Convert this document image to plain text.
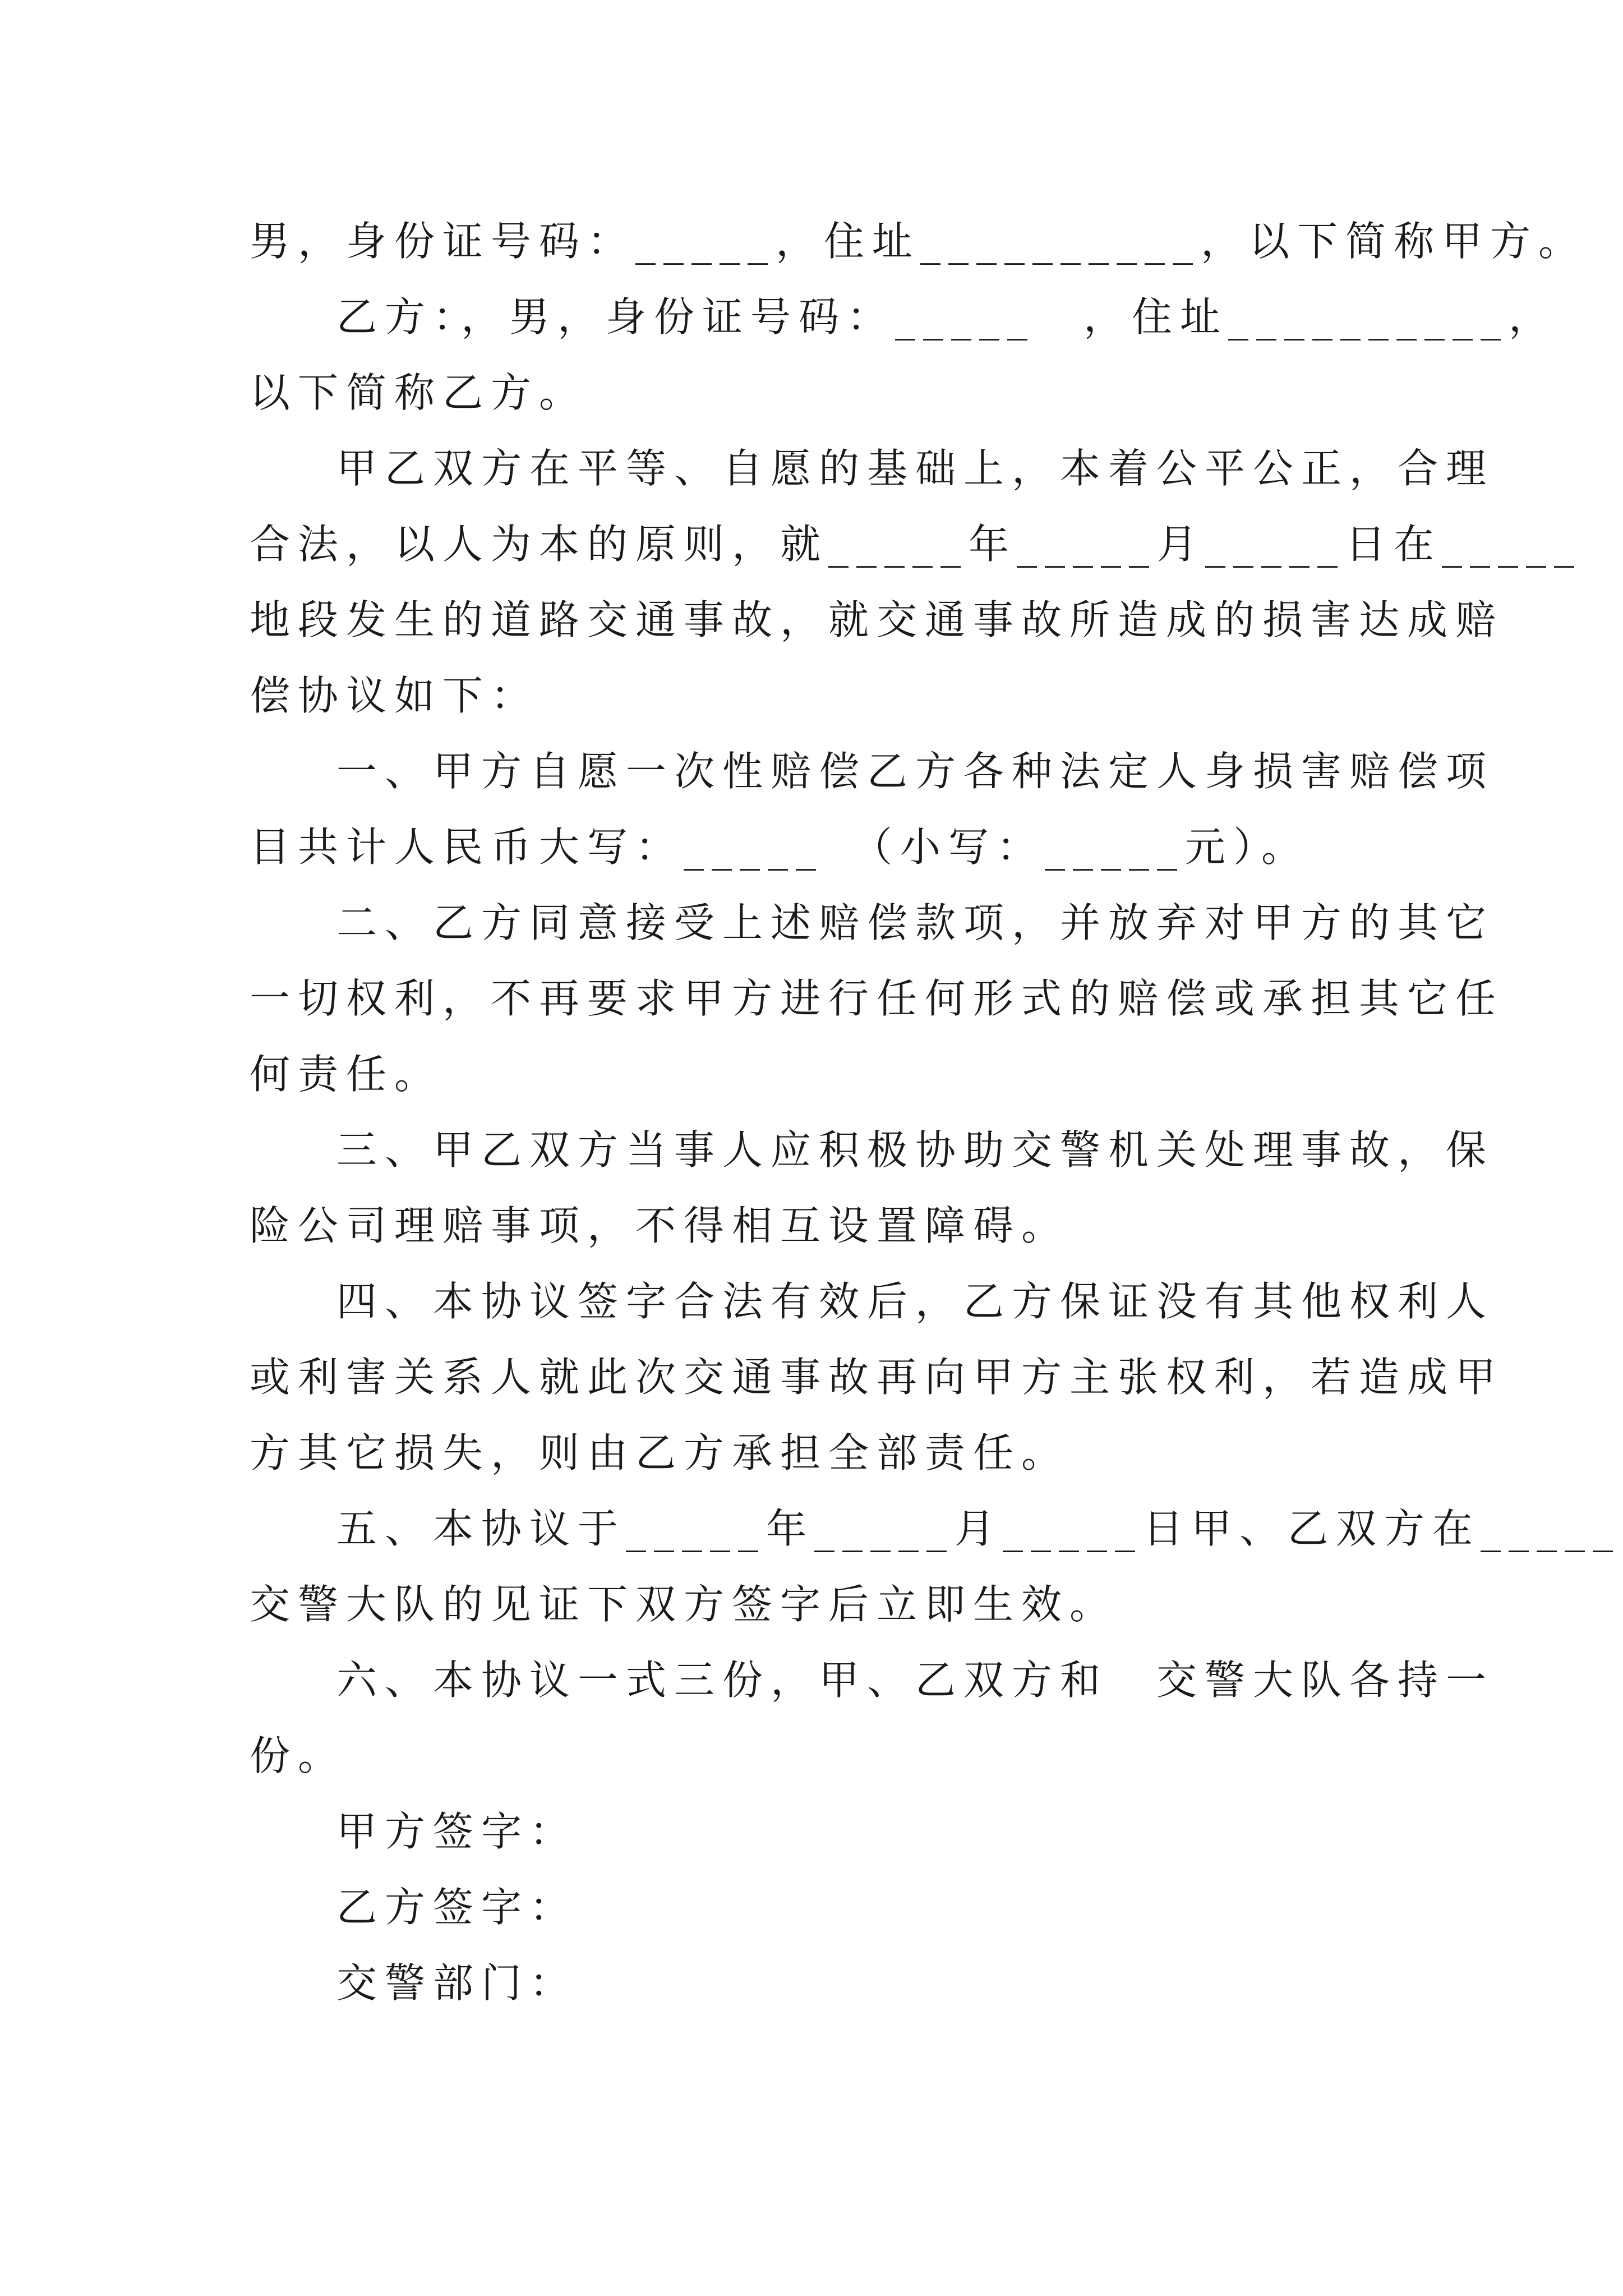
男，身份证号码：_____，住址__________，以下简称甲方。
乙方：，男，身份证号码：_____　，住址__________，
以下简称乙方。
甲乙双方在平等、自愿的基础上，本着公平公正，合理
合法，以人为本的原则，就_____年_____月_____日在_____
地段发生的道路交通事故，就交通事故所造成的损害达成赔
偿协议如下：
一、甲方自愿一次性赔偿乙方各种法定人身损害赔偿项
目共计人民币大写：_____　（小写：_____元）。
二、乙方同意接受上述赔偿款项，并放弃对甲方的其它
一切权利，不再要求甲方进行任何形式的赔偿或承担其它任
何责任。
三、甲乙双方当事人应积极协助交警机关处理事故，保
险公司理赔事项，不得相互设置障碍。
四、本协议签字合法有效后，乙方保证没有其他权利人
或利害关系人就此次交通事故再向甲方主张权利，若造成甲
方其它损失，则由乙方承担全部责任。
五、本协议于_____年_____月_____日甲、乙双方在_____
交警大队的见证下双方签字后立即生效。
六、本协议一式三份，甲、乙双方和　交警大队各持一
份。
甲方签字：
乙方签字：
交警部门：
